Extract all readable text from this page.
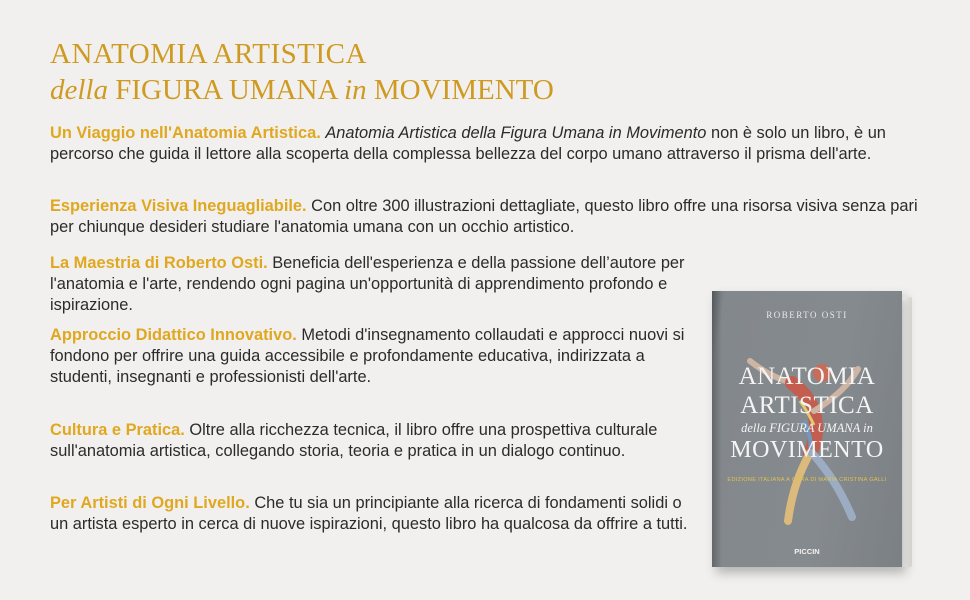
ANATOMIA ARTISTICA
della FIGURA UMANA in MOVIMENTO

Un Viaggio nell'Anatomia Artistica. Anatomia Artistica della Figura Umana in Movimento non è solo un libro, è un percorso che guida il lettore alla scoperta della complessa bellezza del corpo umano attraverso il prisma dell'arte.

Esperienza Visiva Ineguagliabile. Con oltre 300 illustrazioni dettagliate, questo libro offre una risorsa visiva senza pari per chiunque desideri studiare l'anatomia umana con un occhio artistico.

La Maestria di Roberto Osti. Beneficia dell'esperienza e della passione dell’autore per l'anatomia e l'arte, rendendo ogni pagina un'opportunità di apprendimento profondo e ispirazione.

Approccio Didattico Innovativo. Metodi d'insegnamento collaudati e approcci nuovi si fondono per offrire una guida accessibile e profondamente educativa, indirizzata a studenti, insegnanti e professionisti dell'arte.

Cultura e Pratica. Oltre alla ricchezza tecnica, il libro offre una prospettiva culturale sull'anatomia artistica, collegando storia, teoria e pratica in un dialogo continuo.

Per Artisti di Ogni Livello. Che tu sia un principiante alla ricerca di fondamenti solidi o un artista esperto in cerca di nuove ispirazioni, questo libro ha qualcosa da offrire a tutti.

ROBERTO OSTI
ANATOMIA
ARTISTICA
della FIGURA UMANA in
MOVIMENTO
EDIZIONE ITALIANA A CURA DI MARIA CRISTINA GALLI
PICCIN
